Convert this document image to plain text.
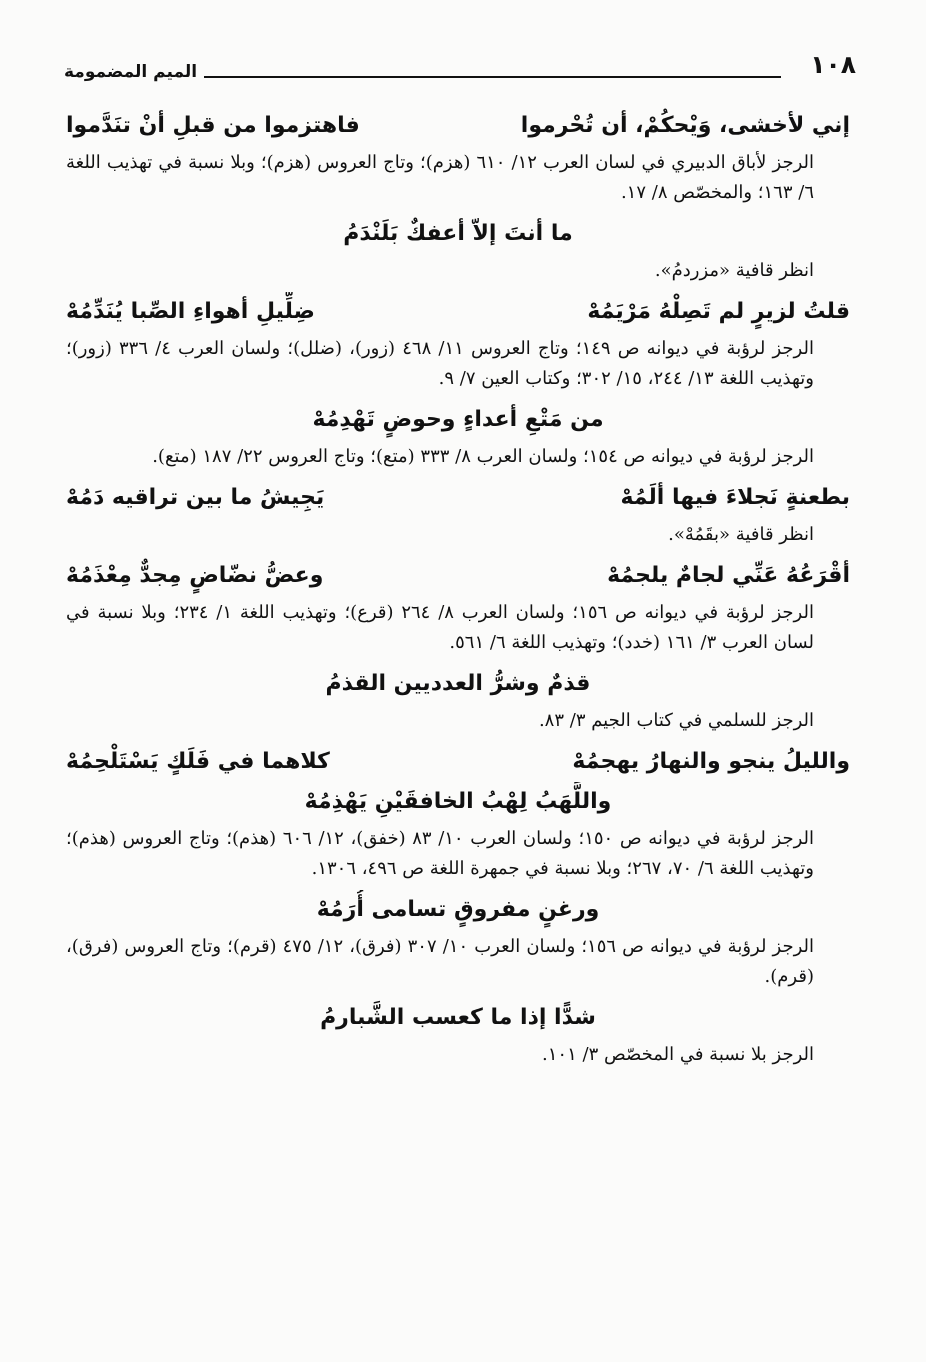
١٠٨
الميم المضمومة
إني لأخشى، وَيْحكُمْ، أن تُحْرموا
فاهتزموا من قبلِ أنْ تنَدَّموا

الرجز لأباق الدبيري في لسان العرب ١٢/ ٦١٠ (هزم)؛ وتاج العروس (هزم)؛ وبلا نسبة في تهذيب اللغة ٦/ ١٦٣؛ والمخصّص ٨/ ١٧.

ما أنتَ إلاّ أعفكٌ بَلَنْدَمُ

انظر قافية «مزردمُ».

قلتُ لزيرٍ لم تَصِلْهُ مَرْيَمُهْ
ضِلِّيلِ أهواءِ الصِّبا يُنَدِّمُهْ

الرجز لرؤبة في ديوانه ص ١٤٩؛ وتاج العروس ١١/ ٤٦٨ (زور)، (ضلل)؛ ولسان العرب ٤/ ٣٣٦ (زور)؛ وتهذيب اللغة ١٣/ ٢٤٤، ١٥/ ٣٠٢؛ وكتاب العين ٧/ ٩.

من مَتْعِ أعداءٍ وحوضٍ تَهْدِمُهْ

الرجز لرؤبة في ديوانه ص ١٥٤؛ ولسان العرب ٨/ ٣٣٣ (متع)؛ وتاج العروس ٢٢/ ١٨٧ (متع).

بطعنةٍ نَجلاءَ فيها ألَمُهْ
يَجِيشُ ما بين تراقيه دَمُهْ

انظر قافية «بقَمُهْ».

أقْرَعُهُ عَنِّي لجامٌ يلجمُهْ
وعضُّ نضّاضٍ مِجدٌّ مِعْذَمُهْ

الرجز لرؤبة في ديوانه ص ١٥٦؛ ولسان العرب ٨/ ٢٦٤ (قرع)؛ وتهذيب اللغة ١/ ٢٣٤؛ وبلا نسبة في لسان العرب ٣/ ١٦١ (خدد)؛ وتهذيب اللغة ٦/ ٥٦١.

قذمٌ وشرُّ العدديين القذمُ

الرجز للسلمي في كتاب الجيم ٣/ ٨٣.

والليلُ ينجو والنهارُ يهجمُهْ
كلاهما في فَلَكٍ يَسْتَلْحِمُهْ
واللَّهَبُ لِهْبُ الخافقَيْنِ يَهْذِمُهْ

الرجز لرؤبة في ديوانه ص ١٥٠؛ ولسان العرب ١٠/ ٨٣ (خفق)، ١٢/ ٦٠٦ (هذم)؛ وتاج العروس (هذم)؛ وتهذيب اللغة ٦/ ٧٠، ٢٦٧؛ وبلا نسبة في جمهرة اللغة ص ٤٩٦، ١٣٠٦.

ورغنٍ مفروقٍ تسامى أُرَمُهْ

الرجز لرؤبة في ديوانه ص ١٥٦؛ ولسان العرب ١٠/ ٣٠٧ (فرق)، ١٢/ ٤٧٥ (قرم)؛ وتاج العروس (فرق)، (قرم).

شدًّا إذا ما كعسب الشَّبارمُ

الرجز بلا نسبة في المخصّص ٣/ ١٠١.
